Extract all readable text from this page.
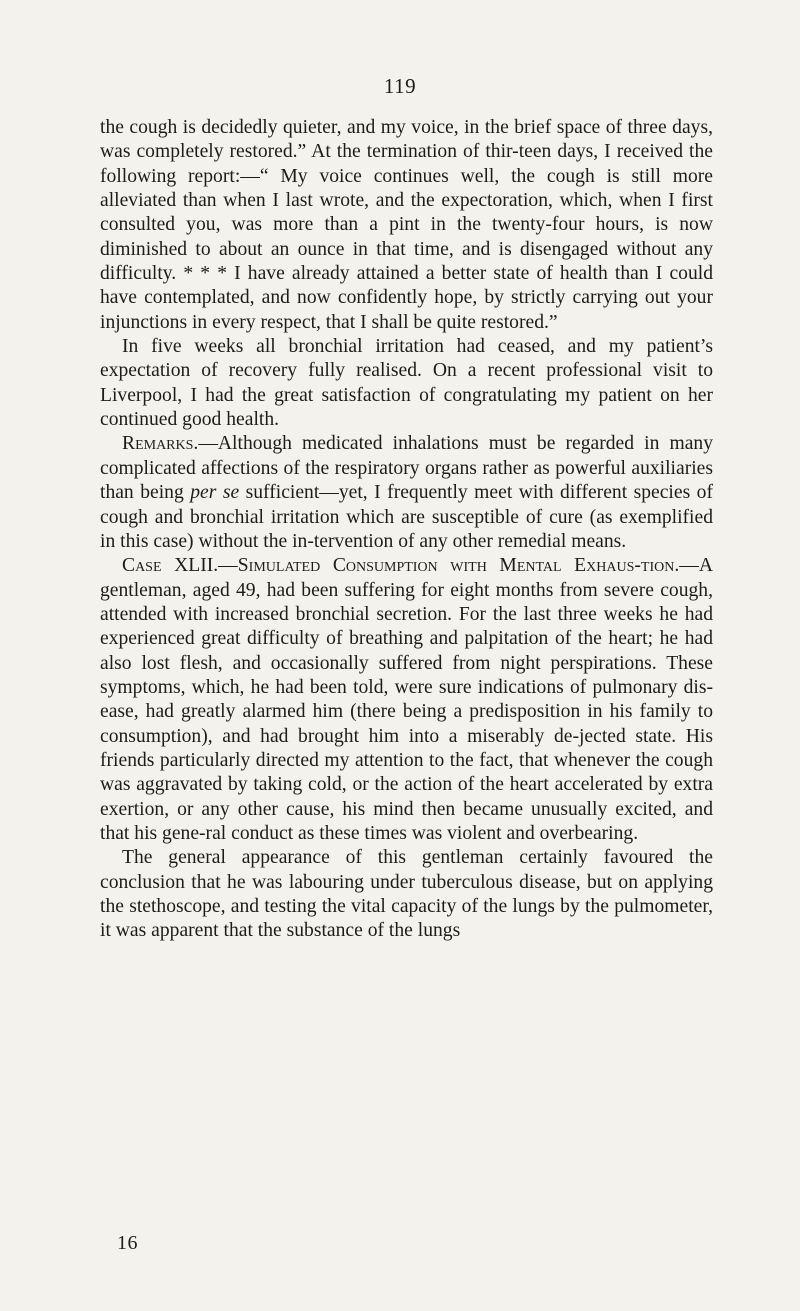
119

the cough is decidedly quieter, and my voice, in the brief space of three days, was completely restored.” At the termination of thir-teen days, I received the following report:—“ My voice continues well, the cough is still more alleviated than when I last wrote, and the expectoration, which, when I first consulted you, was more than a pint in the twenty-four hours, is now diminished to about an ounce in that time, and is disengaged without any difficulty. * * * I have already attained a better state of health than I could have contemplated, and now confidently hope, by strictly carrying out your injunctions in every respect, that I shall be quite restored.”

In five weeks all bronchial irritation had ceased, and my patient’s expectation of recovery fully realised. On a recent professional visit to Liverpool, I had the great satisfaction of congratulating my patient on her continued good health.

Remarks.—Although medicated inhalations must be regarded in many complicated affections of the respiratory organs rather as powerful auxiliaries than being per se sufficient—yet, I frequently meet with different species of cough and bronchial irritation which are susceptible of cure (as exemplified in this case) without the in-tervention of any other remedial means.

Case XLII.—Simulated Consumption with Mental Exhaus-tion.—A gentleman, aged 49, had been suffering for eight months from severe cough, attended with increased bronchial secretion. For the last three weeks he had experienced great difficulty of breathing and palpitation of the heart; he had also lost flesh, and occasionally suffered from night perspirations. These symptoms, which, he had been told, were sure indications of pulmonary dis-ease, had greatly alarmed him (there being a predisposition in his family to consumption), and had brought him into a miserably de-jected state. His friends particularly directed my attention to the fact, that whenever the cough was aggravated by taking cold, or the action of the heart accelerated by extra exertion, or any other cause, his mind then became unusually excited, and that his gene-ral conduct as these times was violent and overbearing.

The general appearance of this gentleman certainly favoured the conclusion that he was labouring under tuberculous disease, but on applying the stethoscope, and testing the vital capacity of the lungs by the pulmometer, it was apparent that the substance of the lungs

16
